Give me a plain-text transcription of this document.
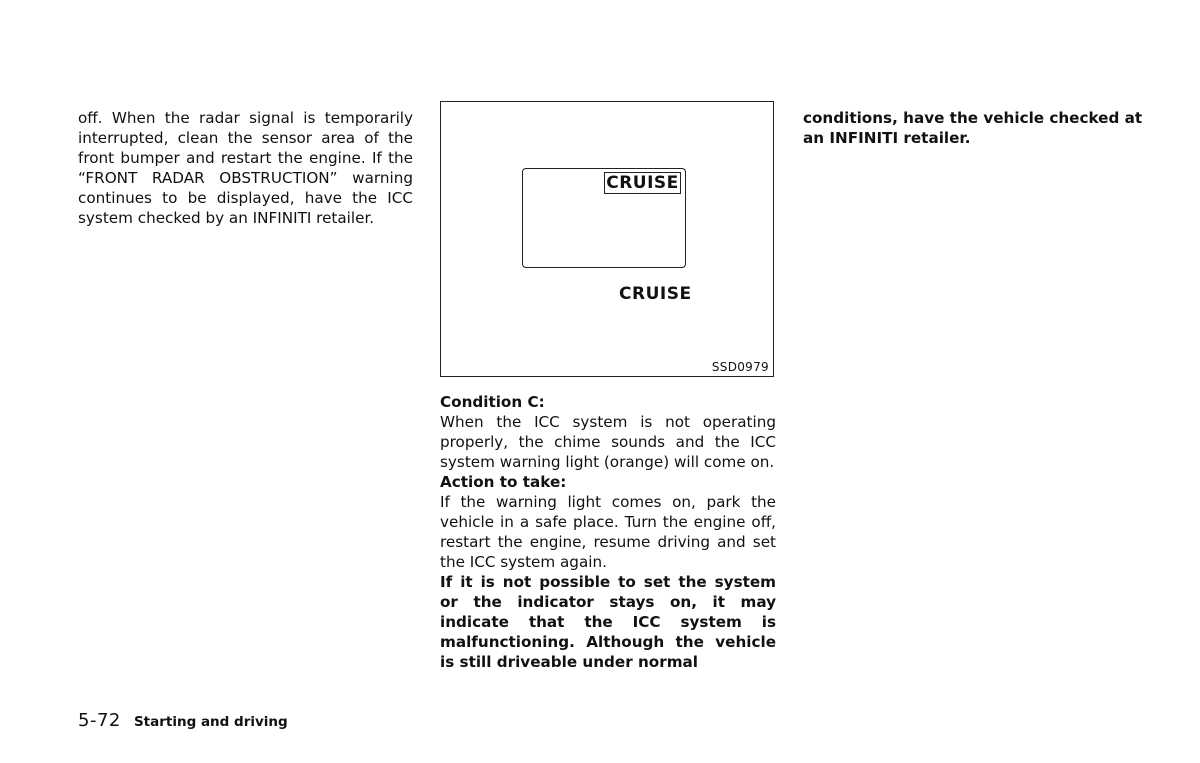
off. When the radar signal is temporarily interrupted, clean the sensor area of the front bumper and restart the engine. If the “FRONT RADAR OBSTRUCTION” warning continues to be displayed, have the ICC system checked by an INFINITI retailer.

CRUISE
CRUISE
SSD0979

Condition C:

When the ICC system is not operating properly, the chime sounds and the ICC system warning light (orange) will come on.

Action to take:

If the warning light comes on, park the vehicle in a safe place. Turn the engine off, restart the engine, resume driving and set the ICC system again.

If it is not possible to set the system or the indicator stays on, it may indicate that the ICC system is malfunctioning. Although the vehicle is still driveable under normal

conditions, have the vehicle checked at an INFINITI retailer.

5-72 Starting and driving
